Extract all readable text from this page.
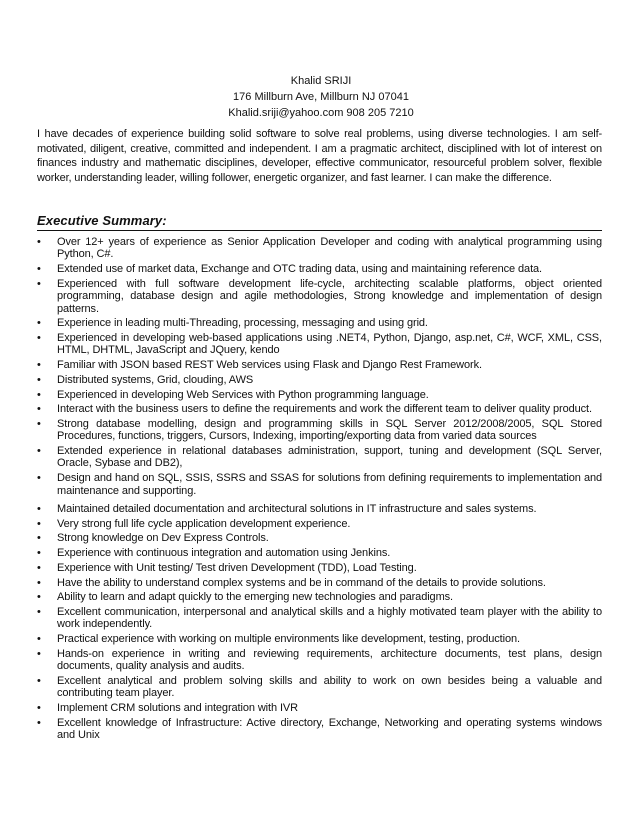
Khalid SRIJI
176 Millburn Ave, Millburn NJ 07041
Khalid.sriji@yahoo.com 908 205 7210

I have decades of experience building solid software to solve real problems, using diverse technologies. I am self-motivated, diligent, creative, committed and independent. I am a pragmatic architect, disciplined with lot of interest on finances industry and mathematic disciplines, developer, effective communicator, resourceful problem solver, flexible worker, understanding leader, willing follower, energetic organizer, and fast learner. I can make the difference.

Executive Summary:
• Over 12+ years of experience as Senior Application Developer and coding with analytical programming using Python, C#.
• Extended use of market data, Exchange and OTC trading data, using and maintaining reference data.
• Experienced with full software development life-cycle, architecting scalable platforms, object oriented programming, database design and agile methodologies, Strong knowledge and implementation of design patterns.
• Experience in leading multi-Threading, processing, messaging and using grid.
• Experienced in developing web-based applications using .NET4, Python, Django, asp.net, C#, WCF, XML, CSS, HTML, DHTML, JavaScript and JQuery, kendo
• Familiar with JSON based REST Web services using Flask and Django Rest Framework.
• Distributed systems, Grid, clouding, AWS
• Experienced in developing Web Services with Python programming language.
• Interact with the business users to define the requirements and work the different team to deliver quality product.
• Strong database modelling, design and programming skills in SQL Server 2012/2008/2005, SQL Stored Procedures, functions, triggers, Cursors, Indexing, importing/exporting data from varied data sources
• Extended experience in relational databases administration, support, tuning and development (SQL Server, Oracle, Sybase and DB2),
• Design and hand on SQL, SSIS, SSRS and SSAS for solutions from defining requirements to implementation and maintenance and supporting.
• Maintained detailed documentation and architectural solutions in IT infrastructure and sales systems.
• Very strong full life cycle application development experience.
• Strong knowledge on Dev Express Controls.
• Experience with continuous integration and automation using Jenkins.
• Experience with Unit testing/ Test driven Development (TDD), Load Testing.
• Have the ability to understand complex systems and be in command of the details to provide solutions.
• Ability to learn and adapt quickly to the emerging new technologies and paradigms.
• Excellent communication, interpersonal and analytical skills and a highly motivated team player with the ability to work independently.
• Practical experience with working on multiple environments like development, testing, production.
• Hands-on experience in writing and reviewing requirements, architecture documents, test plans, design documents, quality analysis and audits.
• Excellent analytical and problem solving skills and ability to work on own besides being a valuable and contributing team player.
• Implement CRM solutions and integration with IVR
• Excellent knowledge of Infrastructure: Active directory, Exchange, Networking and operating systems windows and Unix
